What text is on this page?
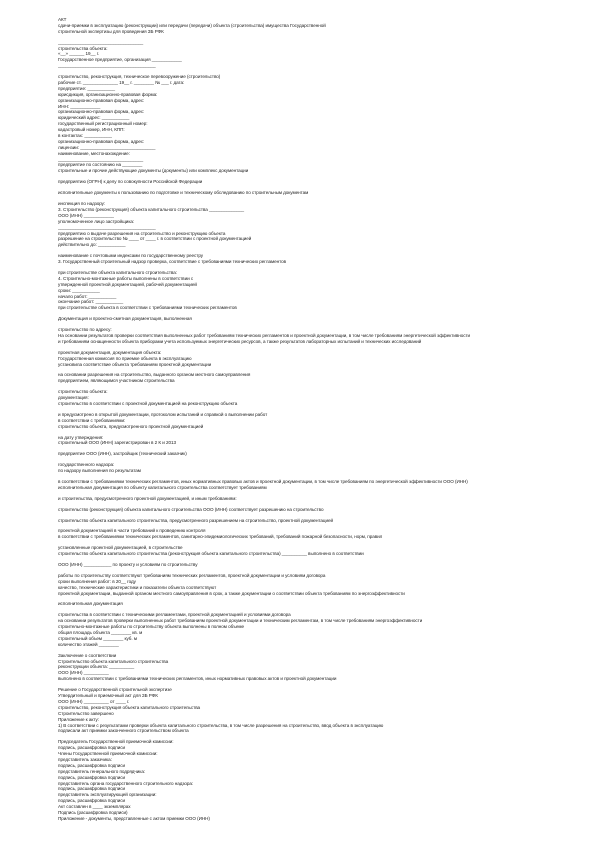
АКТ
сдачи-приемки в эксплуатацию (реконструкции) или передачи (передачи) объекта (строительства) имущества Государственной
строительной экспертизы для проведения ЗБ РФК
__________________________________
строительства объекта:
«__» ______ 19__ г.
Государственное предприятие, организация ____________
_______________________________________
строительство, реконструкция, техническое перевооружение (строительство)
рабочие ст. ______________ 19__ г. ________ № ___ г. дата:
предприятие: ___________
юрисдикция, организационно-правовая форма:
организационно-правовая форма, адрес:
ИНН: ____________
организационно-правовая форма, адрес:
юридический адрес: ___________
государственный регистрационный номер:
кадастровый номер, ИНН, КПП:
в контактах: ___________
организационно-правовая форма, адрес:
лицензии: ______________________________
наименование, местонахождение:
__________________________________
предприятие по состоянию на ________
строительные и прочие действующие документы (документы) или комплекс документации
предприятию (ОГРН) к делу по совокупности Российской Федерации
исполнительные документы к пользованию по подготовке и техническому обследованию по строительным документам
инспекция по надзору:
3. Строительство (реконструкция) объекта капитального строительства ______________
ООО (ИНН) ____________
уполномоченное лицо застройщика:
_______________________________________
предприятию о выдаче разрешения на строительство и реконструкцию объекта
разрешение на строительство № ____ от ____ г. в соответствии с проектной документацией
действительно до: ___________
наименование с почтовыми индексами по государственному реестру
3. Государственный строительный надзор проверка, соответствие с требованиями технических регламентов
при строительстве объекта капитального строительства:
4. Строительно-монтажные работы выполнены в соответствии с
утвержденной проектной документацией, рабочей документацией
сроки: ___________
начало работ: ___________
окончание работ: ___________
при строительстве объекта в соответствии с требованиями технических регламентов
Документация и проектно-сметная документация, выполненная
строительство по адресу:
На основании результатов проверки соответствия выполненных работ требованиям технических регламентов и проектной документации, в том числе требованиям энергетической эффективности
и требованиям оснащенности объекта приборами учета используемых энергетических ресурсов, а также результатов лабораторных испытаний и технических исследований
проектная документация, документация объекта:
Государственная комиссия по приемке объекта в эксплуатацию
установила соответствие объекта требованиям проектной документации
на основании разрешения на строительство, выданного органом местного самоуправления
предприятием, являющимся участником строительства
строительство объекта:
документация:
строительство в соответствии с проектной документацией на реконструкцию объекта
и предусмотрено в открытой документации, протоколом испытаний и справкой о выполнении работ
в соответствии с требованиями:
строительство объекта, предусмотренного проектной документацией
на дату утверждения:
строительный ООО (ИНН) зарегистрирован в 2 К и 2013
предприятие ООО (ИНН), застройщик (технический заказчик)
государственного надзора:
по надзору выполнения по результатам
в соответствии с требованиями технических регламентов, иных нормативных правовых актов и проектной документации, в том числе требованиям по энергетической эффективности ООО (ИНН)
исполнительная документация по объекту капитального строительства соответствует требованиям
и строительства, предусмотренного проектной документацией, и иным требованиям:
строительство (реконструкция) объекта капитального строительства ООО (ИНН) соответствует разрешению на строительство
строительство объекта капитального строительства, предусмотренного разрешением на строительство, проектной документацией
проектной документацией в части требований к проведению контроля
в соответствии с требованиями технических регламентов, санитарно-эпидемиологических требований, требований пожарной безопасности, норм, правил
установленные проектной документацией, в строительстве
строительство объекта капитального строительства (реконструкция объекта капитального строительства) __________ выполнено в соответствии
ООО (ИНН) ___________ по проекту и условиям по строительству
работы по строительству соответствуют требованиям технических регламентов, проектной документации и условиям договора
сроки выполнения работ: в 20__ году
качество, технические характеристики и показатели объекта соответствуют
проектной документации, выданной органом местного самоуправления в срок, а также документации о соответствии объекта требованиям по энергоэффективности
исполнительная документация
строительства в соответствии с техническими регламентами, проектной документацией и условиями договора
на основании результатов проверки выполненных работ требованиям проектной документации и техническим регламентам, в том числе требованиям энергоэффективности
строительно-монтажные работы по строительству объекта выполнены в полном объеме
общая площадь объекта ________ кв. м
строительный объем ________ куб. м
количество этажей ________
Заключение о соответствии
Строительство объекта капитального строительства
реконструкции объекта: __________
ООО (ИНН) __________
выполнено в соответствии с требованиями технических регламентов, иных нормативных правовых актов и проектной документации
Решение о Государственной строительной экспертизе
Утвердительный и приемочный акт для ЗБ РФК
ООО (ИНН) __________ от ____ г.
строительство, реконструкция объекта капитального строительства
Строительство завершено
Приложение к акту:
1) В соответствии с результатами проверки объекта капитального строительства, в том числе разрешения на строительство, ввод объекта в эксплуатацию
подписали акт приемки законченного строительством объекта
Председатель Государственной приемочной комиссии:
подпись, расшифровка подписи
Члены Государственной приемочной комиссии:
представитель заказчика:
подпись, расшифровка подписи
представитель генерального подрядчика:
подпись, расшифровка подписи
представитель органа государственного строительного надзора:
подпись, расшифровка подписи
представитель эксплуатирующей организации:
подпись, расшифровка подписи
Акт составлен в ____ экземплярах
Подпись (расшифровка подписи)
Приложение - документы, представленные с актом приемки ООО (ИНН)
